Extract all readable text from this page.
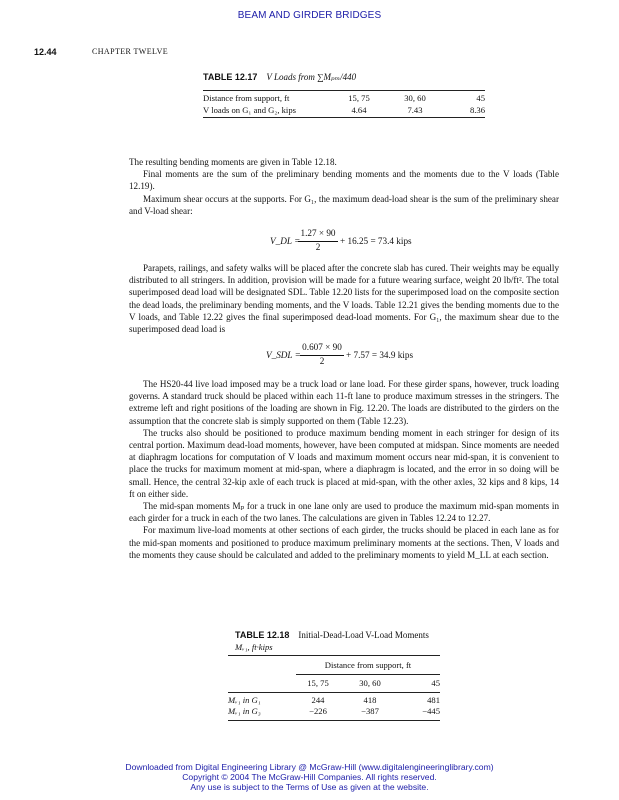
BEAM AND GIRDER BRIDGES
12.44	CHAPTER TWELVE
TABLE 12.17 V Loads from ∑Mₚₘ/440
Distance from support, ft	15, 75	30, 60	45
V loads on G₁ and G₂, kips	4.64	7.43	8.36

The resulting bending moments are given in Table 12.18.

Final moments are the sum of the preliminary bending moments and the moments due to the V loads (Table 12.19).

Maximum shear occurs at the supports. For G₁, the maximum dead-load shear is the sum of the preliminary shear and V-load shear:

V_DL =
1.27 × 90
2
+ 16.25 = 73.4 kips

Parapets, railings, and safety walks will be placed after the concrete slab has cured. Their weights may be equally distributed to all stringers. In addition, provision will be made for a future wearing surface, weight 20 lb/ft². The total superimposed dead load will be designated SDL. Table 12.20 lists for the superimposed load on the composite section the dead loads, the preliminary bending moments, and the V loads. Table 12.21 gives the bending moments due to the V loads, and Table 12.22 gives the final superimposed dead-load moments. For G₁, the maximum shear due to the superimposed dead load is

V_SDL =
0.607 × 90
2
+ 7.57 = 34.9 kips

The HS20-44 live load imposed may be a truck load or lane load. For these girder spans, however, truck loading governs. A standard truck should be placed within each 11-ft lane to produce maximum stresses in the stringers. The extreme left and right positions of the loading are shown in Fig. 12.20. The loads are distributed to the girders on the assumption that the concrete slab is simply supported on them (Table 12.23).

The trucks also should be positioned to produce maximum bending moment in each stringer for design of its central portion. Maximum dead-load moments, however, have been computed at midspan. Since moments are needed at diaphragm locations for computation of V loads and maximum moment occurs near mid-span, it is convenient to place the trucks for maximum moment at mid-span, where a diaphragm is located, and the error in so doing will be small. Hence, the central 32-kip axle of each truck is placed at mid-span, with the other axles, 32 kips and 8 kips, 14 ft on either side.

The mid-span moments Mₚ for a truck in one lane only are used to produce the maximum mid-span moments in each girder for a truck in each of the two lanes. The calculations are given in Tables 12.24 to 12.27.

For maximum live-load moments at other sections of each girder, the trucks should be placed in each lane as for the mid-span moments and positioned to produce maximum preliminary moments at the sections. Then, V loads and the moments they cause should be calculated and added to the preliminary moments to yield M_LL at each section.

TABLE 12.18 Initial-Dead-Load V-Load Moments
Mᵥ₁, ft·kips
Distance from support, ft
15, 75	30, 60	45
Mᵥ₁ in G₁	244	418	481
Mᵥ₁ in G₃	−226	−387	−445
Downloaded from Digital Engineering Library @ McGraw-Hill (www.digitalengineeringlibrary.com)
Copyright © 2004 The McGraw-Hill Companies. All rights reserved.
Any use is subject to the Terms of Use as given at the website.
